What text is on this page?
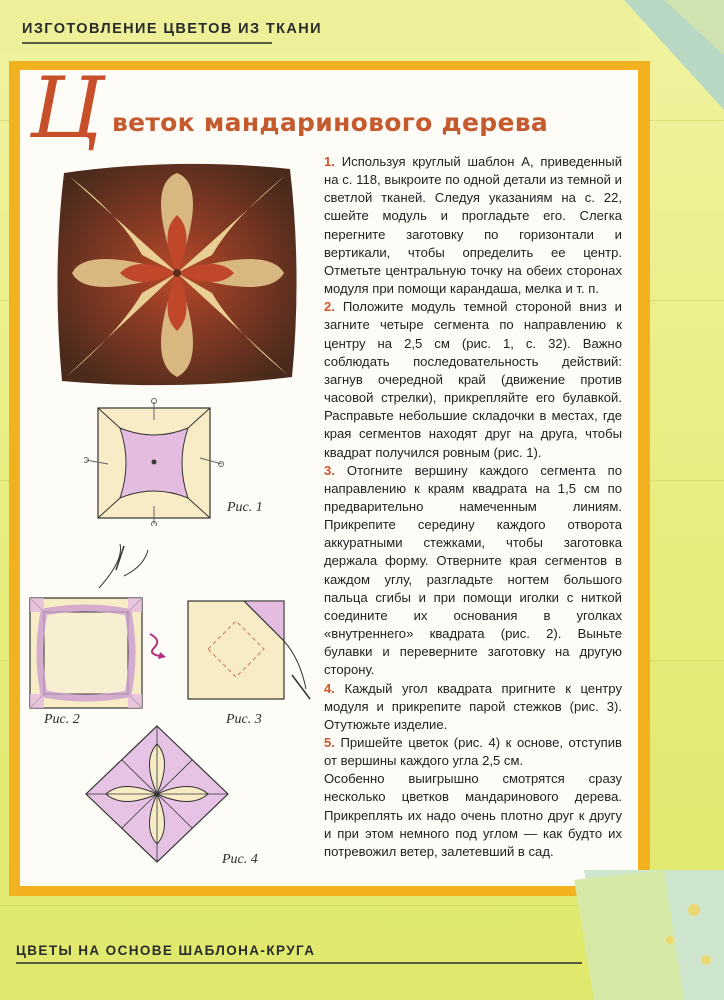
ИЗГОТОВЛЕНИЕ ЦВЕТОВ ИЗ ТКАНИ
Ц веток мандаринового дерева
Рис. 1
Рис. 2	Рис. 3
Рис. 4

1. Используя круглый шаблон А, приведенный на с. 118, выкроите по одной детали из темной и светлой тканей. Следуя указаниям на с. 22, сшейте модуль и прогладьте его. Слегка перегните заготовку по горизонтали и вертикали, чтобы определить ее центр. Отметьте центральную точку на обеих сторонах модуля при помощи карандаша, мелка и т. п.

2. Положите модуль темной стороной вниз и загните четыре сегмента по направлению к центру на 2,5 см (рис. 1, с. 32). Важно соблюдать последовательность действий: загнув очередной край (движение против часовой стрелки), прикрепляйте его булавкой. Расправьте небольшие складочки в местах, где края сегментов находят друг на друга, чтобы квадрат получился ровным (рис. 1).

3. Отогните вершину каждого сегмента по направлению к краям квадрата на 1,5 см по предварительно намеченным линиям. Прикрепите середину каждого отворота аккуратными стежками, чтобы заготовка держала форму. Отверните края сегментов в каждом углу, разгладьте ногтем большого пальца сгибы и при помощи иголки с ниткой соедините их основания в уголках «внутреннего» квадрата (рис. 2). Выньте булавки и переверните заготовку на другую сторону.

4. Каждый угол квадрата пригните к центру модуля и прикрепите парой стежков (рис. 3). Отутюжьте изделие.

5. Пришейте цветок (рис. 4) к основе, отступив от вершины каждого угла 2,5 см.

Особенно выигрышно смотрятся сразу несколько цветков мандаринового дерева. Прикреплять их надо очень плотно друг к другу и при этом немного под углом — как будто их потревожил ветер, залетевший в сад.

ЦВЕТЫ НА ОСНОВЕ ШАБЛОНА-КРУГА
